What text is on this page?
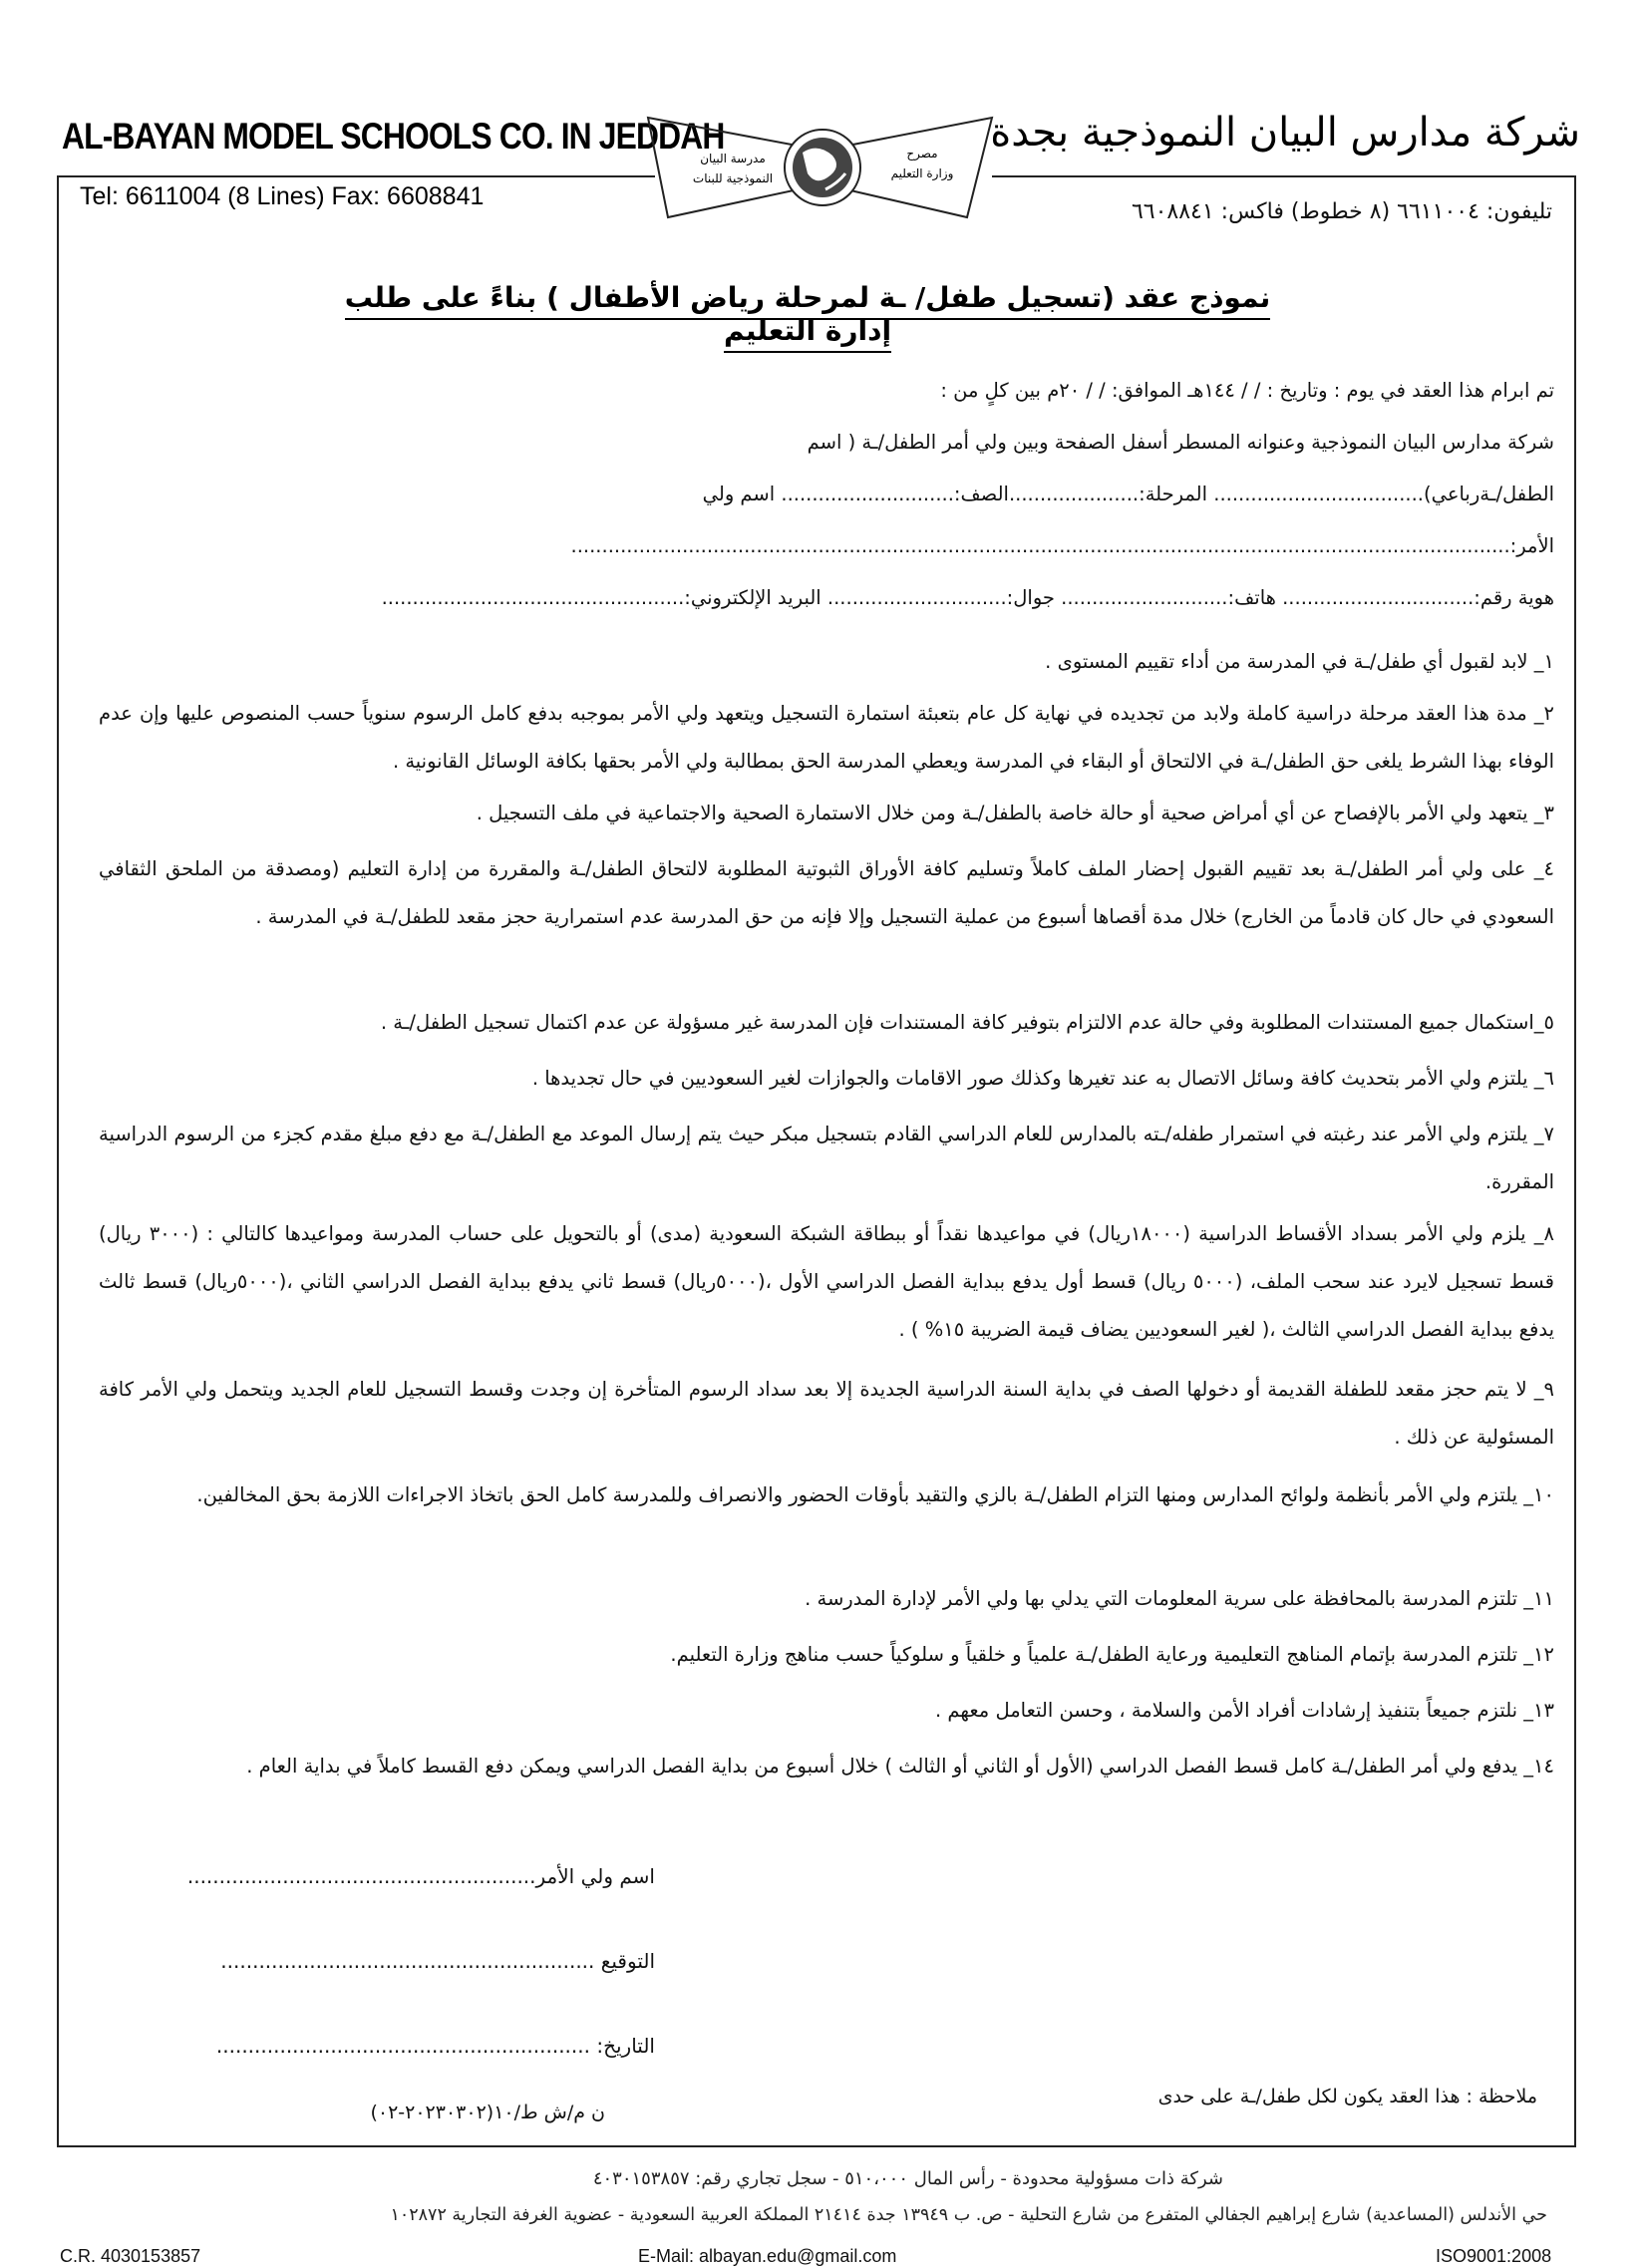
AL-BAYAN MODEL SCHOOLS CO. IN JEDDAH
Tel: 6611004 (8 Lines) Fax: 6608841
شركة مدارس البيان النموذجية بجدة
تليفون: ٦٦١١٠٠٤ (٨ خطوط) فاكس: ٦٦٠٨٨٤١
مدرسة البيان
النموذجية للبنات
مصرح
وزارة التعليم
نموذج عقد (تسجيل طفل/ ـة لمرحلة رياض الأطفال ) بناءً على طلب إدارة التعليم
تم ابرام هذا العقد في يوم : وتاريخ : / / ١٤٤هـ الموافق: / / ٢٠م بين كلٍ من :
شركة مدارس البيان النموذجية وعنوانه المسطر أسفل الصفحة وبين ولي أمر الطفل/ـة ( اسم
الطفل/ـةرباعي).................................. المرحلة:.....................الصف:............................ اسم ولي
الأمر:........................................................................................................................................................
هوية رقم:............................... هاتف:........................... جوال:............................. البريد الإلكتروني:.................................................
١_ لابد لقبول أي طفل/ـة في المدرسة من أداء تقييم المستوى .
٢_ مدة هذا العقد مرحلة دراسية كاملة ولابد من تجديده في نهاية كل عام بتعبئة استمارة التسجيل ويتعهد ولي الأمر بموجبه بدفع كامل الرسوم سنوياً حسب المنصوص عليها وإن عدم الوفاء بهذا الشرط يلغى حق الطفل/ـة في الالتحاق أو البقاء في المدرسة ويعطي المدرسة الحق بمطالبة ولي الأمر بحقها بكافة الوسائل القانونية .
٣_ يتعهد ولي الأمر بالإفصاح عن أي أمراض صحية أو حالة خاصة بالطفل/ـة ومن خلال الاستمارة الصحية والاجتماعية في ملف التسجيل .
٤_ على ولي أمر الطفل/ـة بعد تقييم القبول إحضار الملف كاملاً وتسليم كافة الأوراق الثبوتية المطلوبة لالتحاق الطفل/ـة والمقررة من إدارة التعليم (ومصدقة من الملحق الثقافي السعودي في حال كان قادماً من الخارج) خلال مدة أقصاها أسبوع من عملية التسجيل وإلا فإنه من حق المدرسة عدم استمرارية حجز مقعد للطفل/ـة في المدرسة .
٥_استكمال جميع المستندات المطلوبة وفي حالة عدم الالتزام بتوفير كافة المستندات فإن المدرسة غير مسؤولة عن عدم اكتمال تسجيل الطفل/ـة .
٦_ يلتزم ولي الأمر بتحديث كافة وسائل الاتصال به عند تغيرها وكذلك صور الاقامات والجوازات لغير السعوديين في حال تجديدها .
٧_ يلتزم ولي الأمر عند رغبته في استمرار طفله/ـته بالمدارس للعام الدراسي القادم بتسجيل مبكر حيث يتم إرسال الموعد مع الطفل/ـة مع دفع مبلغ مقدم كجزء من الرسوم الدراسية المقررة.
٨_ يلزم ولي الأمر بسداد الأقساط الدراسية (١٨٠٠٠ريال) في مواعيدها نقداً أو ببطاقة الشبكة السعودية (مدى) أو بالتحويل على حساب المدرسة ومواعيدها كالتالي : (٣٠٠٠ ريال) قسط تسجيل لايرد عند سحب الملف، (٥٠٠٠ ريال) قسط أول يدفع ببداية الفصل الدراسي الأول ،(٥٠٠٠ريال) قسط ثاني يدفع ببداية الفصل الدراسي الثاني ،(٥٠٠٠ريال) قسط ثالث يدفع ببداية الفصل الدراسي الثالث ،( لغير السعوديين يضاف قيمة الضريبة ١٥% ) .
٩_ لا يتم حجز مقعد للطفلة القديمة أو دخولها الصف في بداية السنة الدراسية الجديدة إلا بعد سداد الرسوم المتأخرة إن وجدت وقسط التسجيل للعام الجديد ويتحمل ولي الأمر كافة المسئولية عن ذلك .
١٠_ يلتزم ولي الأمر بأنظمة ولوائح المدارس ومنها التزام الطفل/ـة بالزي والتقيد بأوقات الحضور والانصراف وللمدرسة كامل الحق باتخاذ الاجراءات اللازمة بحق المخالفين.
١١_ تلتزم المدرسة بالمحافظة على سرية المعلومات التي يدلي بها ولي الأمر لإدارة المدرسة .
١٢_ تلتزم المدرسة بإتمام المناهج التعليمية ورعاية الطفل/ـة علمياً و خلقياً و سلوكياً حسب مناهج وزارة التعليم.
١٣_ نلتزم جميعاً بتنفيذ إرشادات أفراد الأمن والسلامة ، وحسن التعامل معهم .
١٤_ يدفع ولي أمر الطفل/ـة كامل قسط الفصل الدراسي (الأول أو الثاني أو الثالث ) خلال أسبوع من بداية الفصل الدراسي ويمكن دفع القسط كاملاً في بداية العام .
اسم ولي الأمر.......................................................
التوقيع ...........................................................
التاريخ: ...........................................................
ملاحظة : هذا العقد يكون لكل طفل/ـة على حدى
ن م/ش ط/١٠(٢٠٢٣٠٣٠٢-٠٢)
شركة ذات مسؤولية محدودة - رأس المال ٥١٠،٠٠٠ - سجل تجاري رقم: ٤٠٣٠١٥٣٨٥٧
حي الأندلس (المساعدية) شارع إبراهيم الجفالي المتفرع من شارع التحلية - ص. ب ١٣٩٤٩ جدة ٢١٤١٤ المملكة العربية السعودية - عضوية الغرفة التجارية ١٠٢٨٧٢
C.R. 4030153857	E-Mail: albayan.edu@gmail.com	ISO9001:2008
